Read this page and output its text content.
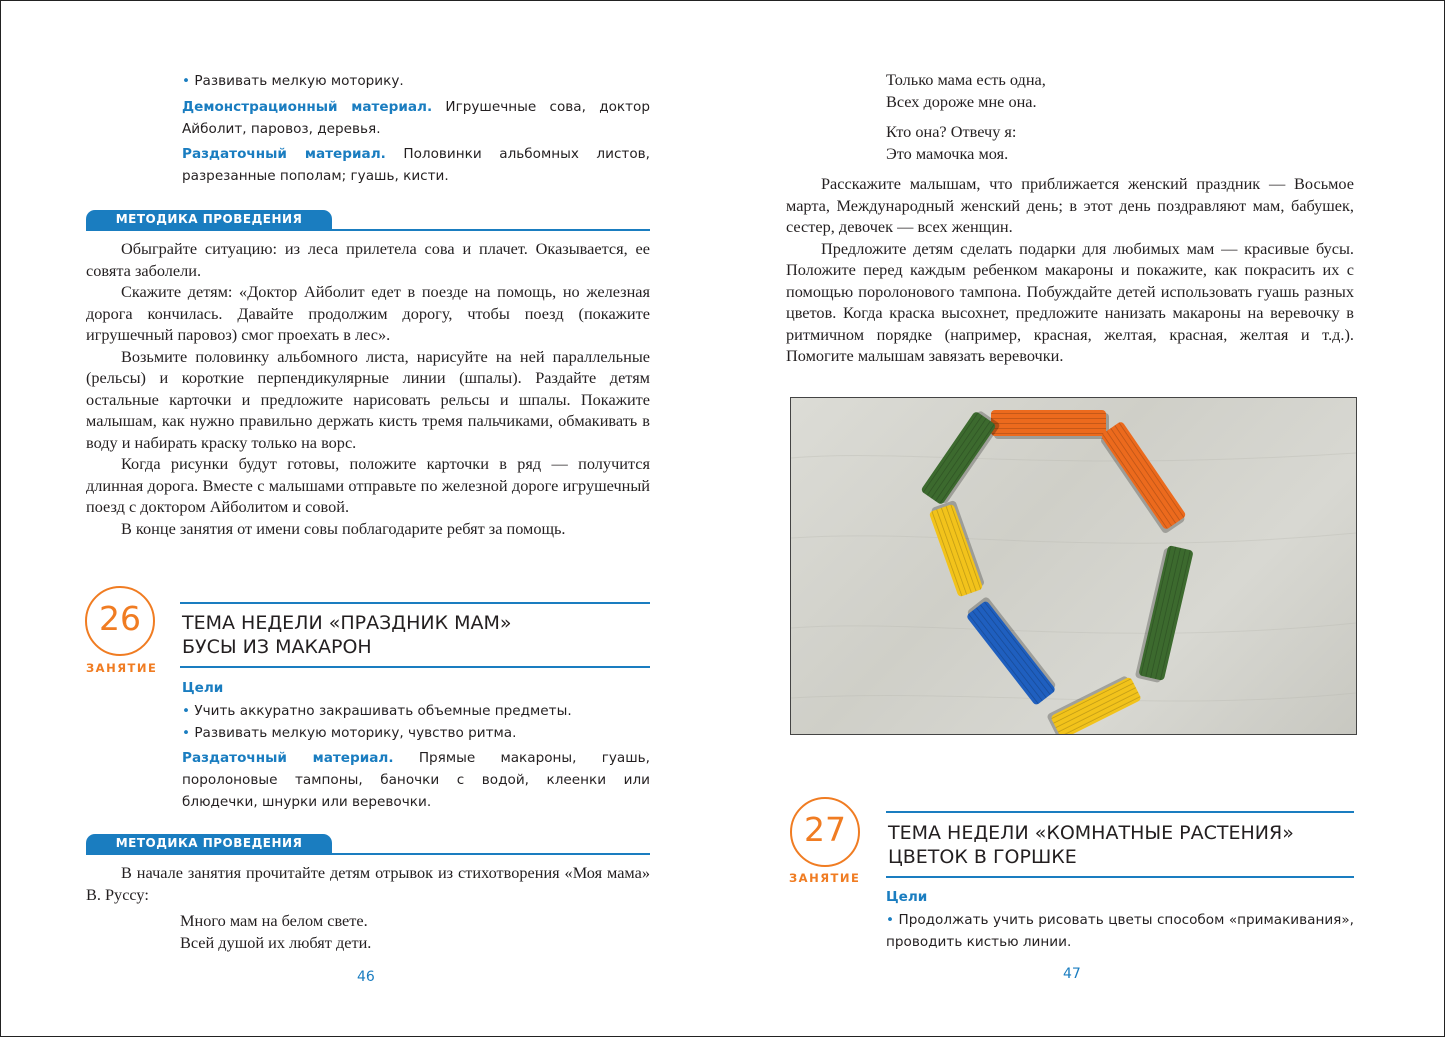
• Развивать мелкую моторику.

Демонстрационный материал. Игрушечные сова, доктор Айболит, паровоз, деревья.

Раздаточный материал. Половинки альбомных листов, разрезанные пополам; гуашь, кисти.

МЕТОДИКА ПРОВЕДЕНИЯ

Обыграйте ситуацию: из леса прилетела сова и плачет. Оказывается, ее совята заболели.

Скажите детям: «Доктор Айболит едет в поезде на помощь, но железная дорога кончилась. Давайте продолжим дорогу, чтобы поезд (покажите игрушечный паровоз) смог проехать в лес».

Возьмите половинку альбомного листа, нарисуйте на ней параллельные (рельсы) и короткие перпендикулярные линии (шпалы). Раздайте детям остальные карточки и предложите нарисовать рельсы и шпалы. Покажите малышам, как нужно правильно держать кисть тремя пальчиками, обмакивать в воду и набирать краску только на ворс.

Когда рисунки будут готовы, положите карточки в ряд — получится длинная дорога. Вместе с малышами отправьте по железной дороге игрушечный поезд с доктором Айболитом и совой.

В конце занятия от имени совы поблагодарите ребят за помощь.

26
ЗАНЯТИЕ
ТЕМА НЕДЕЛИ «ПРАЗДНИК МАМ»
БУСЫ ИЗ МАКАРОН
Цели

• Учить аккуратно закрашивать объемные предметы.

• Развивать мелкую моторику, чувство ритма.

Раздаточный материал. Прямые макароны, гуашь, поролоновые тампоны, баночки с водой, клеенки или блюдечки, шнурки или веревочки.

МЕТОДИКА ПРОВЕДЕНИЯ

В начале занятия прочитайте детям отрывок из стихотворения «Моя мама» В. Руссу:

Много мам на белом свете.

Всей душой их любят дети.

46

Только мама есть одна,

Всех дороже мне она.

Кто она? Отвечу я:

Это мамочка моя.

Расскажите малышам, что приближается женский праздник — Восьмое марта, Международный женский день; в этот день поздравляют мам, бабушек, сестер, девочек — всех женщин.

Предложите детям сделать подарки для любимых мам — красивые бусы. Положите перед каждым ребенком макароны и покажите, как покрасить их с помощью поролонового тампона. Побуждайте детей использовать гуашь разных цветов. Когда краска высохнет, предложите нанизать макароны на веревочку в ритмичном порядке (например, красная, желтая, красная, желтая и т.д.). Помогите малышам завязать веревочки.

27
ЗАНЯТИЕ
ТЕМА НЕДЕЛИ «КОМНАТНЫЕ РАСТЕНИЯ»
ЦВЕТОК В ГОРШКЕ
Цели

• Продолжать учить рисовать цветы способом «примакивания», проводить кистью линии.

47
